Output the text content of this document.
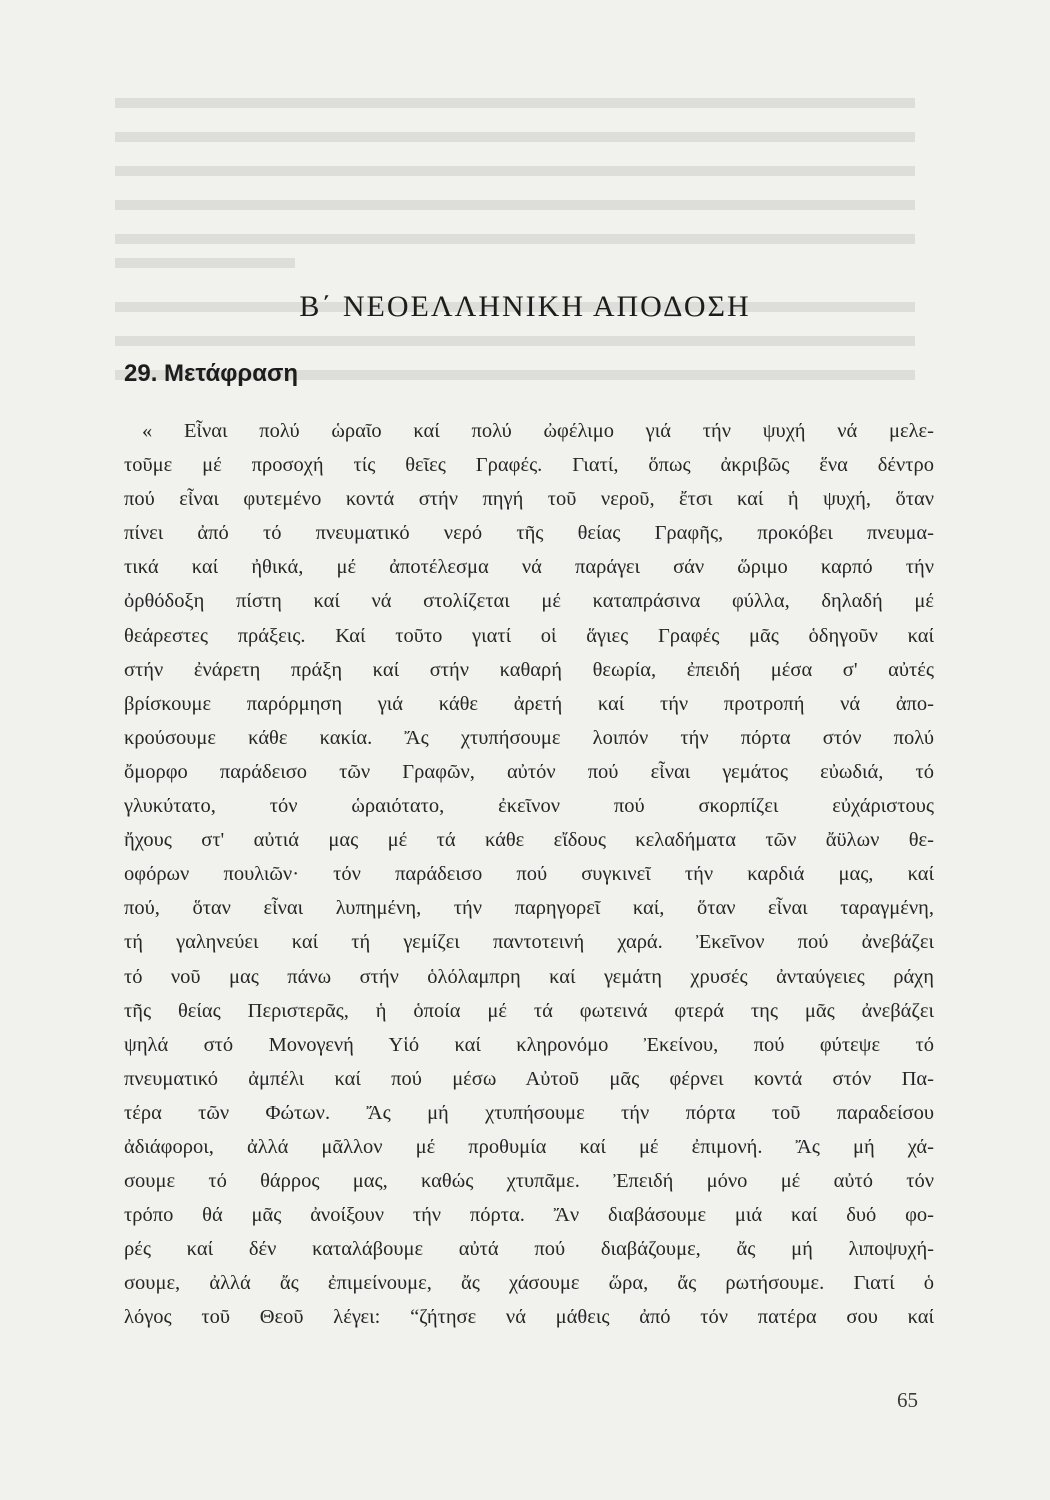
Β΄ ΝΕΟΕΛΛΗΝΙΚΗ ΑΠΟΔΟΣΗ
29. Μετάφραση
« Εἶναι πολύ ὡραῖο καί πολύ ὠφέλιμο γιά τήν ψυχή νά μελε-
τοῦμε μέ προσοχή τίς θεῖες Γραφές. Γιατί, ὅπως ἀκριβῶς ἕνα δέντρο
πού εἶναι φυτεμένο κοντά στήν πηγή τοῦ νεροῦ, ἔτσι καί ἡ ψυχή, ὅταν
πίνει ἀπό τό πνευματικό νερό τῆς θείας Γραφῆς, προκόβει πνευμα-
τικά καί ἠθικά, μέ ἀποτέλεσμα νά παράγει σάν ὥριμο καρπό τήν
ὀρθόδοξη πίστη καί νά στολίζεται μέ καταπράσινα φύλλα, δηλαδή μέ
θεάρεστες πράξεις. Καί τοῦτο γιατί οἱ ἅγιες Γραφές μᾶς ὁδηγοῦν καί
στήν ἐνάρετη πράξη καί στήν καθαρή θεωρία, ἐπειδή μέσα σ' αὐτές
βρίσκουμε παρόρμηση γιά κάθε ἀρετή καί τήν προτροπή νά ἀπο-
κρούσουμε κάθε κακία. Ἄς χτυπήσουμε λοιπόν τήν πόρτα στόν πολύ
ὄμορφο παράδεισο τῶν Γραφῶν, αὐτόν πού εἶναι γεμάτος εὐωδιά, τό
γλυκύτατο, τόν ὡραιότατο, ἐκεῖνον πού σκορπίζει εὐχάριστους
ἤχους στ' αὐτιά μας μέ τά κάθε εἴδους κελαδήματα τῶν ἄϋλων θε-
οφόρων πουλιῶν· τόν παράδεισο πού συγκινεῖ τήν καρδιά μας, καί
πού, ὅταν εἶναι λυπημένη, τήν παρηγορεῖ καί, ὅταν εἶναι ταραγμένη,
τή γαληνεύει καί τή γεμίζει παντοτεινή χαρά. Ἐκεῖνον πού ἀνεβάζει
τό νοῦ μας πάνω στήν ὁλόλαμπρη καί γεμάτη χρυσές ἀνταύγειες ράχη
τῆς θείας Περιστερᾶς, ἡ ὁποία μέ τά φωτεινά φτερά της μᾶς ἀνεβάζει
ψηλά στό Μονογενή Υἱό καί κληρονόμο Ἐκείνου, πού φύτεψε τό
πνευματικό ἀμπέλι καί πού μέσω Αὐτοῦ μᾶς φέρνει κοντά στόν Πα-
τέρα τῶν Φώτων. Ἄς μή χτυπήσουμε τήν πόρτα τοῦ παραδείσου
ἀδιάφοροι, ἀλλά μᾶλλον μέ προθυμία καί μέ ἐπιμονή. Ἄς μή χά-
σουμε τό θάρρος μας, καθώς χτυπᾶμε. Ἐπειδή μόνο μέ αὐτό τόν
τρόπο θά μᾶς ἀνοίξουν τήν πόρτα. Ἄν διαβάσουμε μιά καί δυό φο-
ρές καί δέν καταλάβουμε αὐτά πού διαβάζουμε, ἄς μή λιποψυχή-
σουμε, ἀλλά ἄς ἐπιμείνουμε, ἄς χάσουμε ὥρα, ἄς ρωτήσουμε. Γιατί ὁ
λόγος τοῦ Θεοῦ λέγει: “ζήτησε νά μάθεις ἀπό τόν πατέρα σου καί
65
